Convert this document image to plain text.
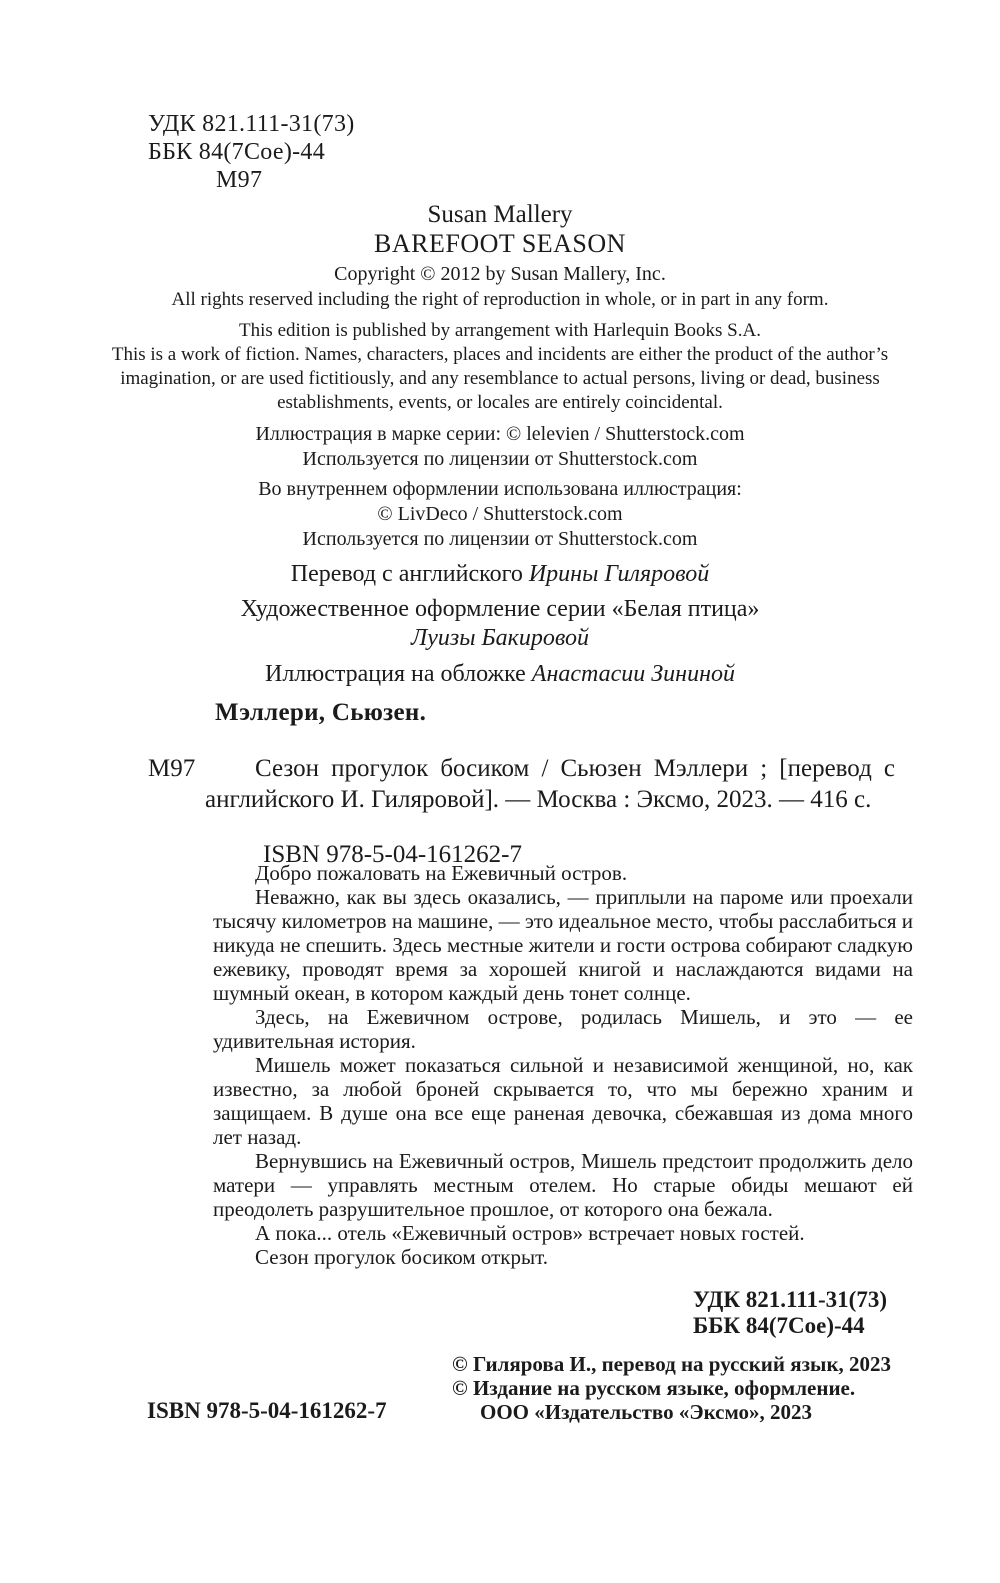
УДК 821.111-31(73)
ББК 84(7Сое)-44
М97
Susan Mallery
BAREFOOT SEASON
Copyright © 2012 by Susan Mallery, Inc.
All rights reserved including the right of reproduction in whole, or in part in any form.
This edition is published by arrangement with Harlequin Books S.A.
This is a work of fiction. Names, characters, places and incidents are either the product of the author’s imagination, or are used fictitiously, and any resemblance to actual persons, living or dead, business establishments, events, or locales are entirely coincidental.
Иллюстрация в марке серии: © lelevien / Shutterstock.com
Используется по лицензии от Shutterstock.com
Во внутреннем оформлении использована иллюстрация:
© LivDeco / Shutterstock.com
Используется по лицензии от Shutterstock.com
Перевод с английского Ирины Гиляровой
Художественное оформление серии «Белая птица»
Луизы Бакировой
Иллюстрация на обложке Анастасии Зининой
Мэллери, Сьюзен.

М97 Сезон прогулок босиком / Сьюзен Мэллери ; [перевод с английского И. Гиляровой]. — Москва : Эксмо, 2023. — 416 с.

ISBN 978-5-04-161262-7

Добро пожаловать на Ежевичный остров.

Неважно, как вы здесь оказались, — приплыли на пароме или проехали тысячу километров на машине, — это идеальное место, чтобы расслабиться и никуда не спешить. Здесь местные жители и гости острова собирают сладкую ежевику, проводят время за хорошей книгой и наслаждаются видами на шумный океан, в котором каждый день тонет солнце.

Здесь, на Ежевичном острове, родилась Мишель, и это — ее удивительная история.

Мишель может показаться сильной и независимой женщиной, но, как известно, за любой броней скрывается то, что мы бережно храним и защищаем. В душе она все еще раненая девочка, сбежавшая из дома много лет назад.

Вернувшись на Ежевичный остров, Мишель предстоит продолжить дело матери — управлять местным отелем. Но старые обиды мешают ей преодолеть разрушительное прошлое, от которого она бежала.

А пока... отель «Ежевичный остров» встречает новых гостей.

Сезон прогулок босиком открыт.

УДК 821.111-31(73)
ББК 84(7Сое)-44
ISBN 978-5-04-161262-7
© Гилярова И., перевод на русский язык, 2023
© Издание на русском языке, оформление.
ООО «Издательство «Эксмо», 2023
